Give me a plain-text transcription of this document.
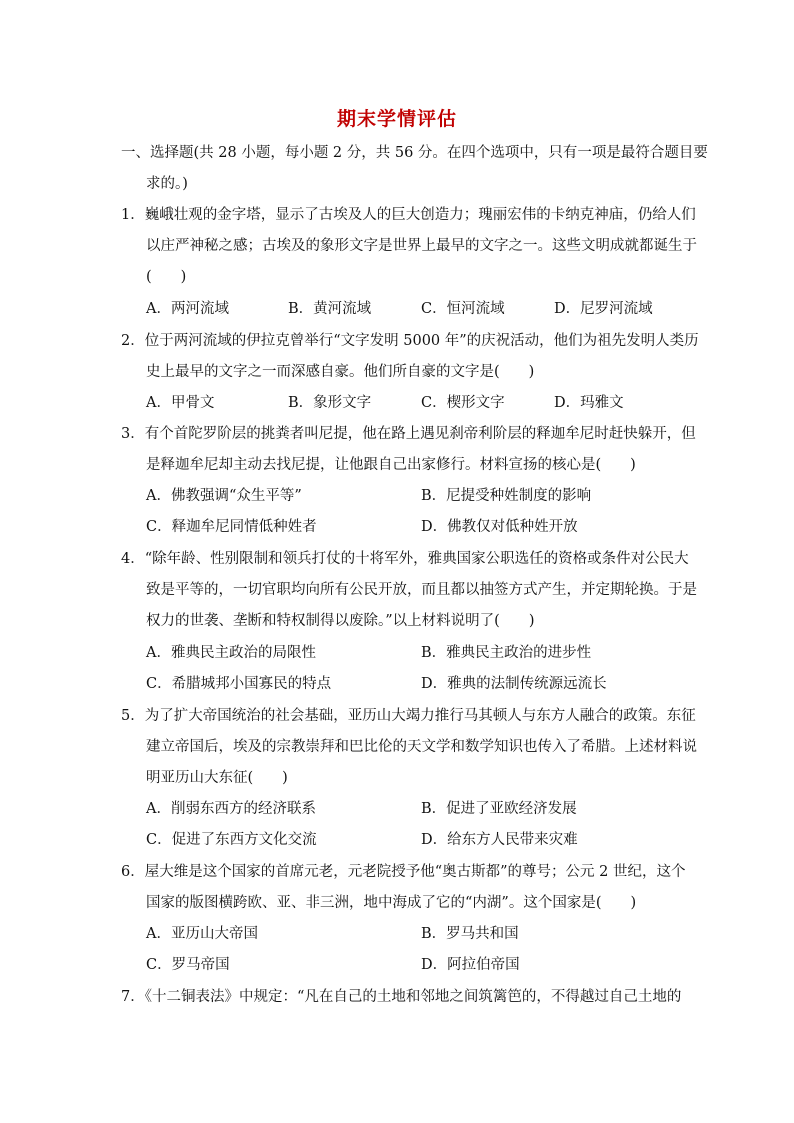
期末学情评估
一、选择题(共 28 小题，每小题 2 分，共 56 分。在四个选项中，只有一项是最符合题目要
求的。)
1．巍峨壮观的金字塔，显示了古埃及人的巨大创造力；瑰丽宏伟的卡纳克神庙，仍给人们
以庄严神秘之感；古埃及的象形文字是世界上最早的文字之一。这些文明成就都诞生于
(　　)
A．两河流域	B．黄河流域	C．恒河流域	D．尼罗河流域
2．位于两河流域的伊拉克曾举行“文字发明 5000 年”的庆祝活动，他们为祖先发明人类历
史上最早的文字之一而深感自豪。他们所自豪的文字是(　　)
A．甲骨文	B．象形文字	C．楔形文字	D．玛雅文
3．有个首陀罗阶层的挑粪者叫尼提，他在路上遇见刹帝利阶层的释迦牟尼时赶快躲开，但
是释迦牟尼却主动去找尼提，让他跟自己出家修行。材料宣扬的核心是(　　)
A．佛教强调“众生平等”	B．尼提受种姓制度的影响
C．释迦牟尼同情低种姓者	D．佛教仅对低种姓开放
4．“除年龄、性别限制和领兵打仗的十将军外，雅典国家公职选任的资格或条件对公民大
致是平等的，一切官职均向所有公民开放，而且都以抽签方式产生，并定期轮换。于是
权力的世袭、垄断和特权制得以废除。”以上材料说明了(　　)
A．雅典民主政治的局限性	B．雅典民主政治的进步性
C．希腊城邦小国寡民的特点	D．雅典的法制传统源远流长
5．为了扩大帝国统治的社会基础，亚历山大竭力推行马其顿人与东方人融合的政策。东征
建立帝国后，埃及的宗教崇拜和巴比伦的天文学和数学知识也传入了希腊。上述材料说
明亚历山大东征(　　)
A．削弱东西方的经济联系	B．促进了亚欧经济发展
C．促进了东西方文化交流	D．给东方人民带来灾难
6．屋大维是这个国家的首席元老，元老院授予他“奥古斯都”的尊号；公元 2 世纪，这个
国家的版图横跨欧、亚、非三洲，地中海成了它的“内湖”。这个国家是(　　)
A．亚历山大帝国	B．罗马共和国
C．罗马帝国	D．阿拉伯帝国
7．《十二铜表法》中规定：“凡在自己的土地和邻地之间筑篱笆的，不得越过自己土地的
